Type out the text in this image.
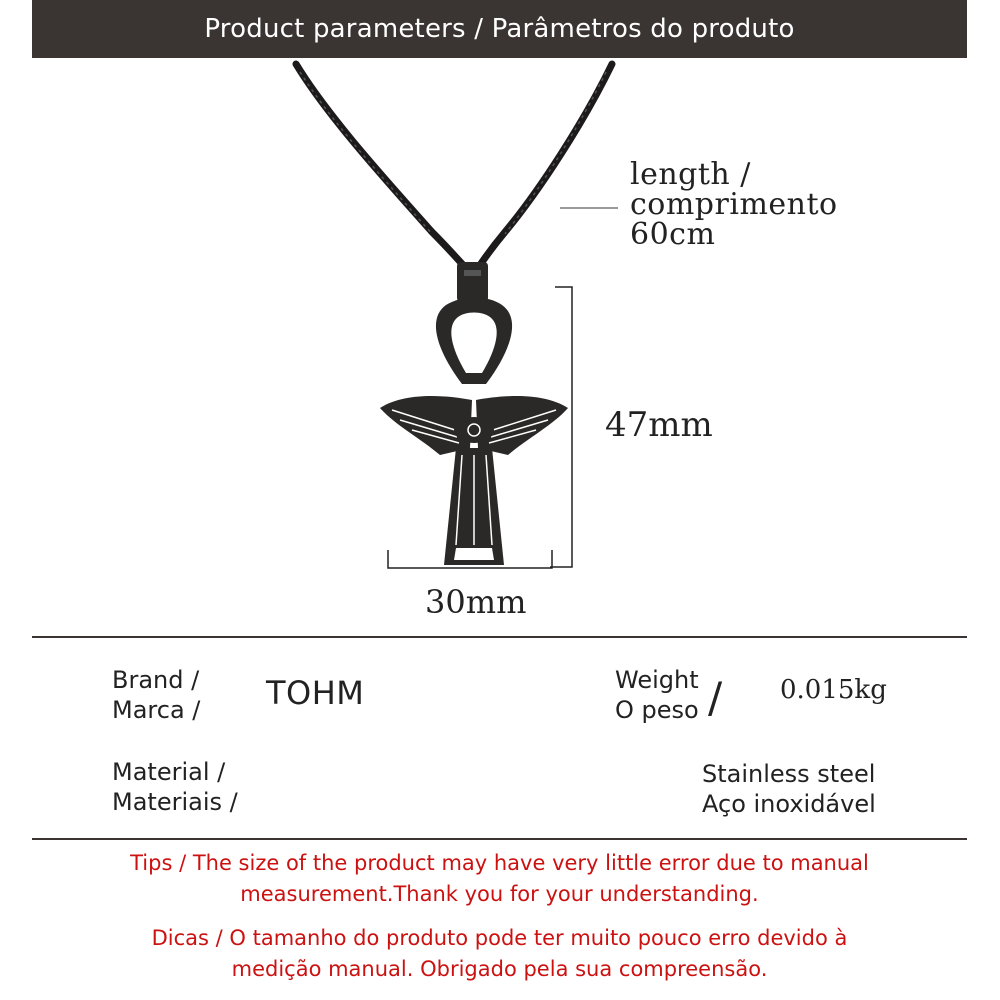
Product parameters / Parâmetros do produto
length /
comprimento
60cm
47mm
30mm
Brand /
Marca / TOHM	Weight
O peso / 0.015kg
Material /
Materiais /
Stainless steel
Aço inoxidável
Tips / The size of the product may have very little error due to manual
measurement.Thank you for your understanding.
Dicas / O tamanho do produto pode ter muito pouco erro devido à
medição manual. Obrigado pela sua compreensão.
